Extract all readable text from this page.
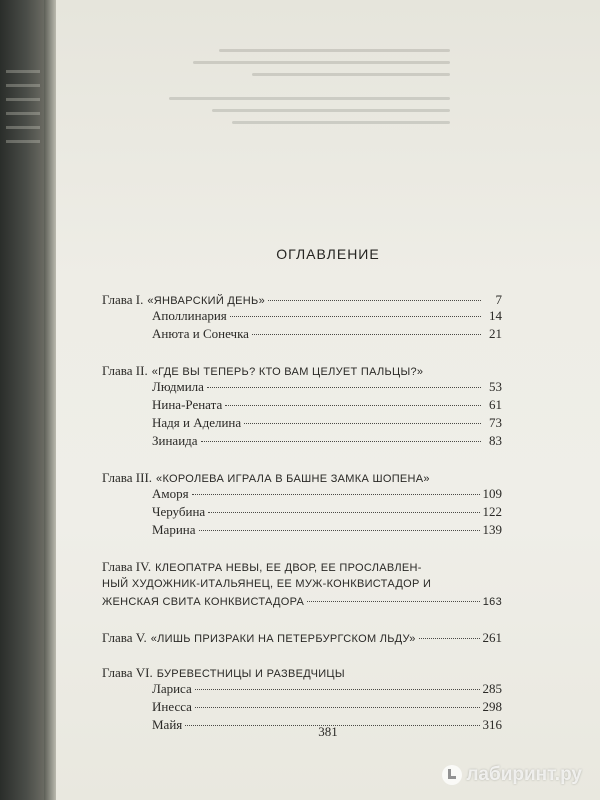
ОГЛАВЛЕНИЕ
Глава I. «ЯНВАРСКИЙ ДЕНЬ»	7
Аполлинария	14
Анюта и Сонечка	21
Глава II. «ГДЕ ВЫ ТЕПЕРЬ? КТО ВАМ ЦЕЛУЕТ ПАЛЬЦЫ?»
Людмила	53
Нина-Рената	61
Надя и Аделина	73
Зинаида	83
Глава III. «КОРОЛЕВА ИГРАЛА В БАШНЕ ЗАМКА ШОПЕНА»
Аморя	109
Черубина	122
Марина	139
Глава IV. КЛЕОПАТРА НЕВЫ, ЕЕ ДВОР, ЕЕ ПРОСЛАВЛЕН-
НЫЙ ХУДОЖНИК-ИТАЛЬЯНЕЦ, ЕЕ МУЖ-КОНКВИСТАДОР И
ЖЕНСКАЯ СВИТА КОНКВИСТАДОРА	163
Глава V. «ЛИШЬ ПРИЗРАКИ НА ПЕТЕРБУРГСКОМ ЛЬДУ»	261
Глава VI. БУРЕВЕСТНИЦЫ И РАЗВЕДЧИЦЫ
Лариса	285
Инесса	298
Майя	316
381
лабиринт.ру
